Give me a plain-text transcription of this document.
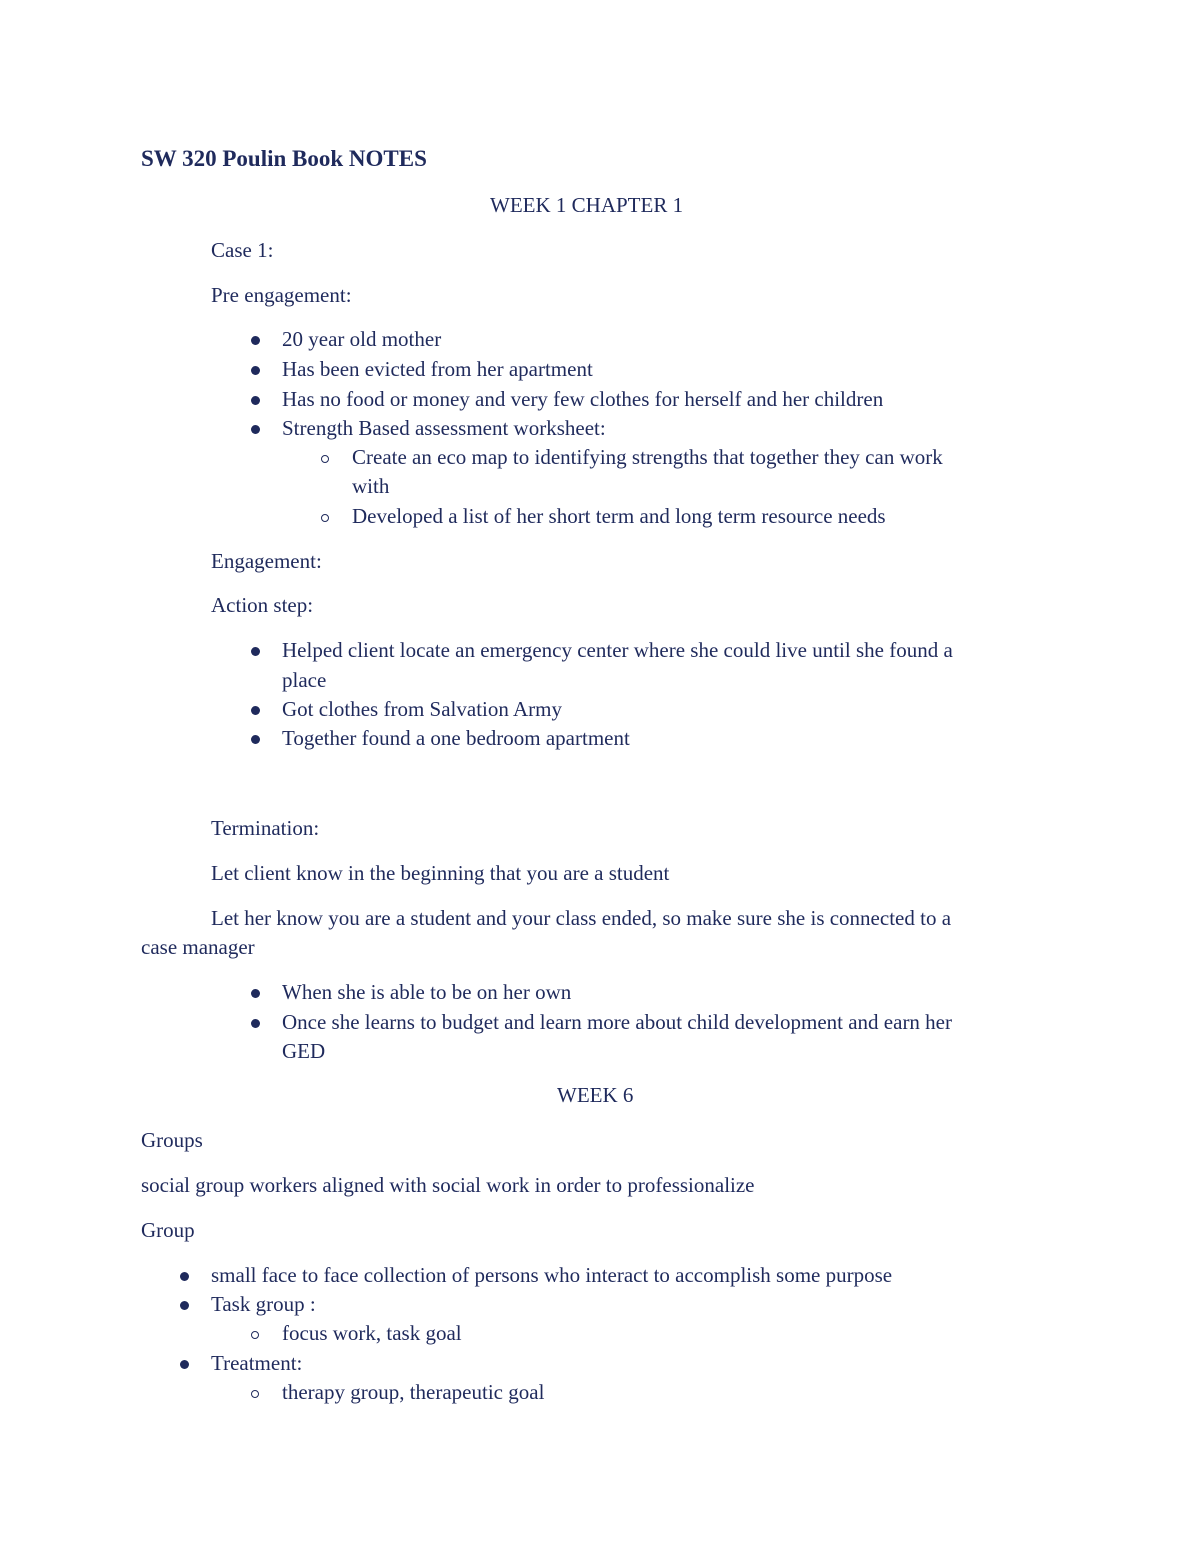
SW 320 Poulin Book NOTES
WEEK 1 CHAPTER 1
Case 1:
Pre engagement:
20 year old mother
Has been evicted from her apartment
Has no food or money and very few clothes for herself and her children
Strength Based assessment worksheet:
Create an eco map to identifying strengths that together they can work
with
Developed a list of her short term and long term resource needs
Engagement:
Action step:
Helped client locate an emergency center where she could live until she found a
place
Got clothes from Salvation Army
Together found a one bedroom apartment
Termination:
Let client know in the beginning that you are a student
Let her know you are a student and your class ended, so make sure she is connected to a
case manager
When she is able to be on her own
Once she learns to budget and learn more about child development and earn her
GED
WEEK 6
Groups
social group workers aligned with social work in order to professionalize
Group
small face to face collection of persons who interact to accomplish some purpose
Task group :
focus work, task goal
Treatment:
therapy group, therapeutic goal
